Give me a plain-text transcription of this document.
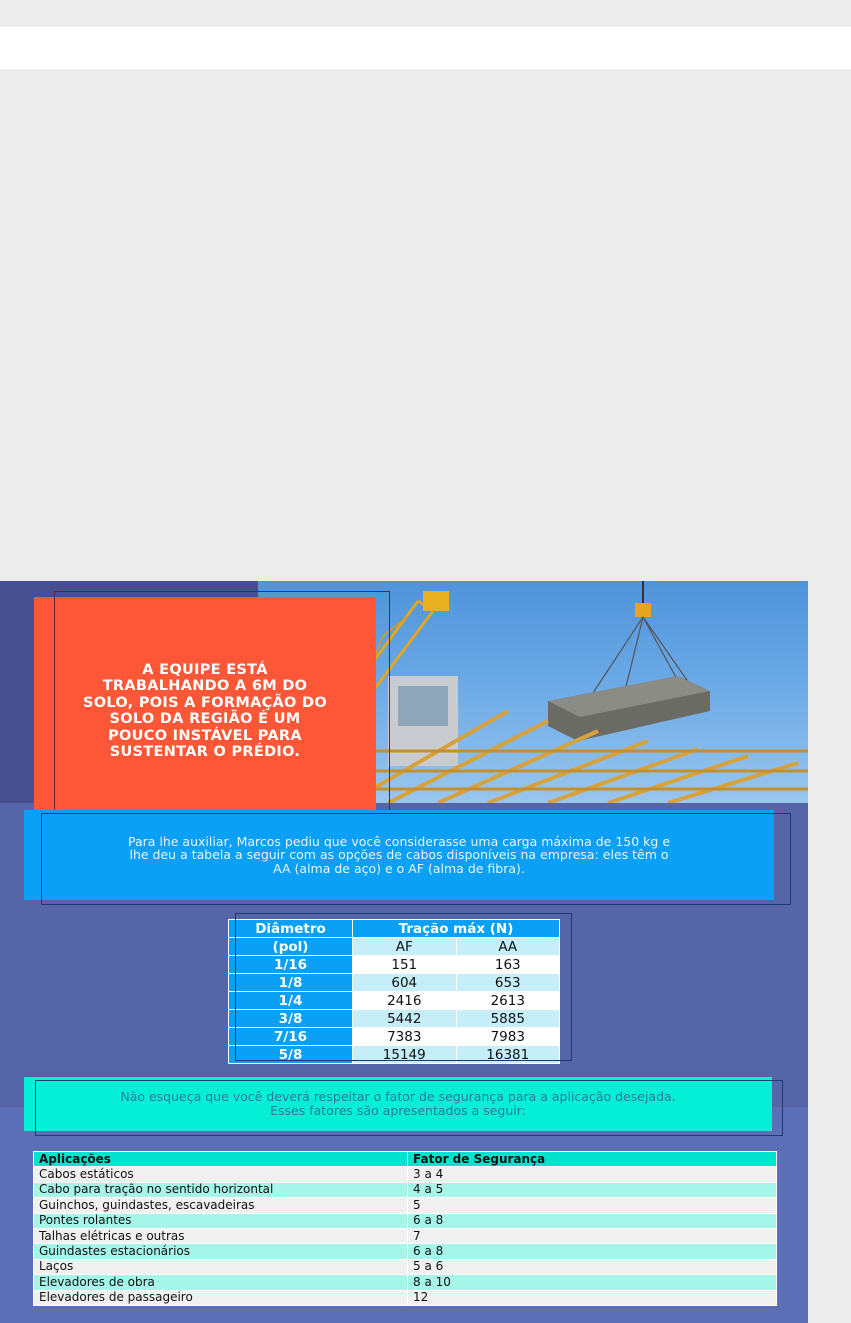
A EQUIPE ESTÁ TRABALHANDO A 6M DO SOLO, POIS A FORMAÇÃO DO SOLO DA REGIÃO É UM POUCO INSTÁVEL PARA SUSTENTAR O PRÉDIO.
Para lhe auxiliar, Marcos pediu que você considerasse uma carga máxima de 150 kg e lhe deu a tabela a seguir com as opções de cabos disponíveis na empresa: eles têm o AA (alma de aço) e o AF (alma de fibra).
Diâmetro	Tração máx (N)	
(pol)	AF	AA
1/16	151	163
1/8	604	653
1/4	2416	2613
3/8	5442	5885
7/16	7383	7983
5/8	15149	16381
Não esqueça que você deverá respeitar o fator de segurança para a aplicação desejada. Esses fatores são apresentados a seguir:
Aplicações	Fator de Segurança
Cabos estáticos	3 a 4
Cabo para tração no sentido horizontal	4 a 5
Guinchos, guindastes, escavadeiras	5
Pontes rolantes	6 a 8
Talhas elétricas e outras	7
Guindastes estacionários	6 a 8
Laços	5 a 6
Elevadores de obra	8 a 10
Elevadores de passageiro	12
